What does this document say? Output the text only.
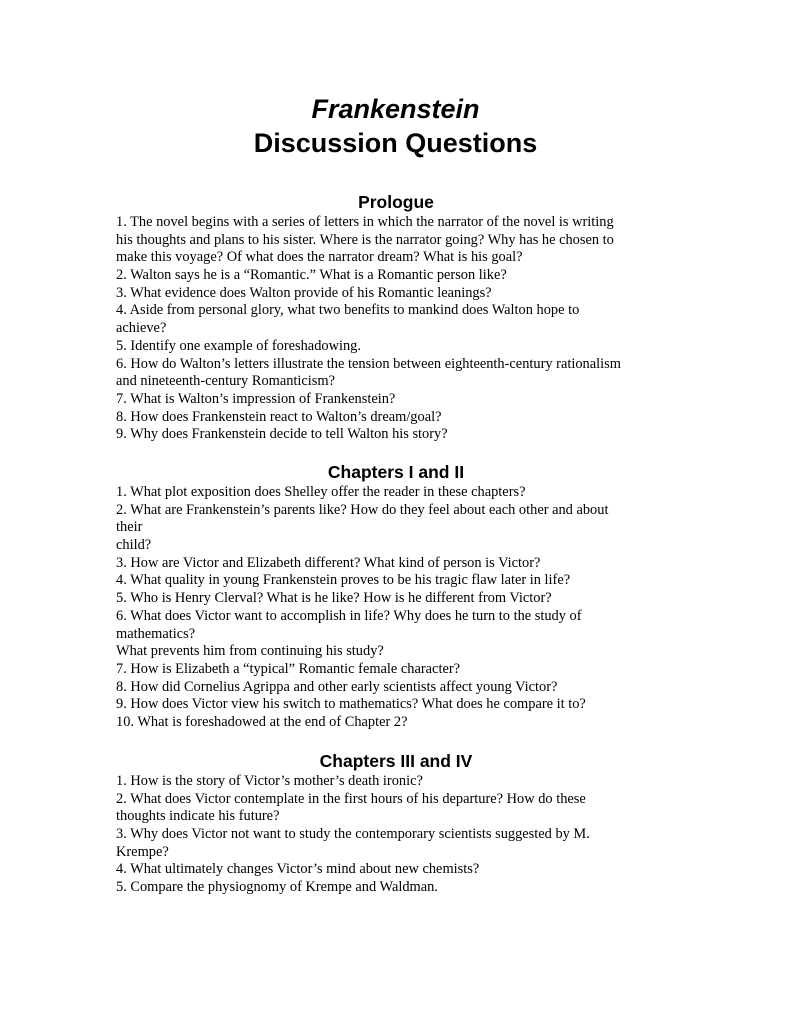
Frankenstein
Discussion Questions
Prologue
1. The novel begins with a series of letters in which the narrator of the novel is writing
his thoughts and plans to his sister. Where is the narrator going? Why has he chosen to
make this voyage? Of what does the narrator dream? What is his goal?
2. Walton says he is a “Romantic.” What is a Romantic person like?
3. What evidence does Walton provide of his Romantic leanings?
4. Aside from personal glory, what two benefits to mankind does Walton hope to
achieve?
5. Identify one example of foreshadowing.
6. How do Walton’s letters illustrate the tension between eighteenth-century rationalism
and nineteenth-century Romanticism?
7. What is Walton’s impression of Frankenstein?
8. How does Frankenstein react to Walton’s dream/goal?
9. Why does Frankenstein decide to tell Walton his story?
Chapters I and II
1. What plot exposition does Shelley offer the reader in these chapters?
2. What are Frankenstein’s parents like? How do they feel about each other and about
their
child?
3. How are Victor and Elizabeth different? What kind of person is Victor?
4. What quality in young Frankenstein proves to be his tragic flaw later in life?
5. Who is Henry Clerval? What is he like? How is he different from Victor?
6. What does Victor want to accomplish in life? Why does he turn to the study of
mathematics?
What prevents him from continuing his study?
7. How is Elizabeth a “typical” Romantic female character?
8. How did Cornelius Agrippa and other early scientists affect young Victor?
9. How does Victor view his switch to mathematics? What does he compare it to?
10. What is foreshadowed at the end of Chapter 2?
Chapters III and IV
1. How is the story of Victor’s mother’s death ironic?
2. What does Victor contemplate in the first hours of his departure? How do these
thoughts indicate his future?
3. Why does Victor not want to study the contemporary scientists suggested by M.
Krempe?
4. What ultimately changes Victor’s mind about new chemists?
5. Compare the physiognomy of Krempe and Waldman.
